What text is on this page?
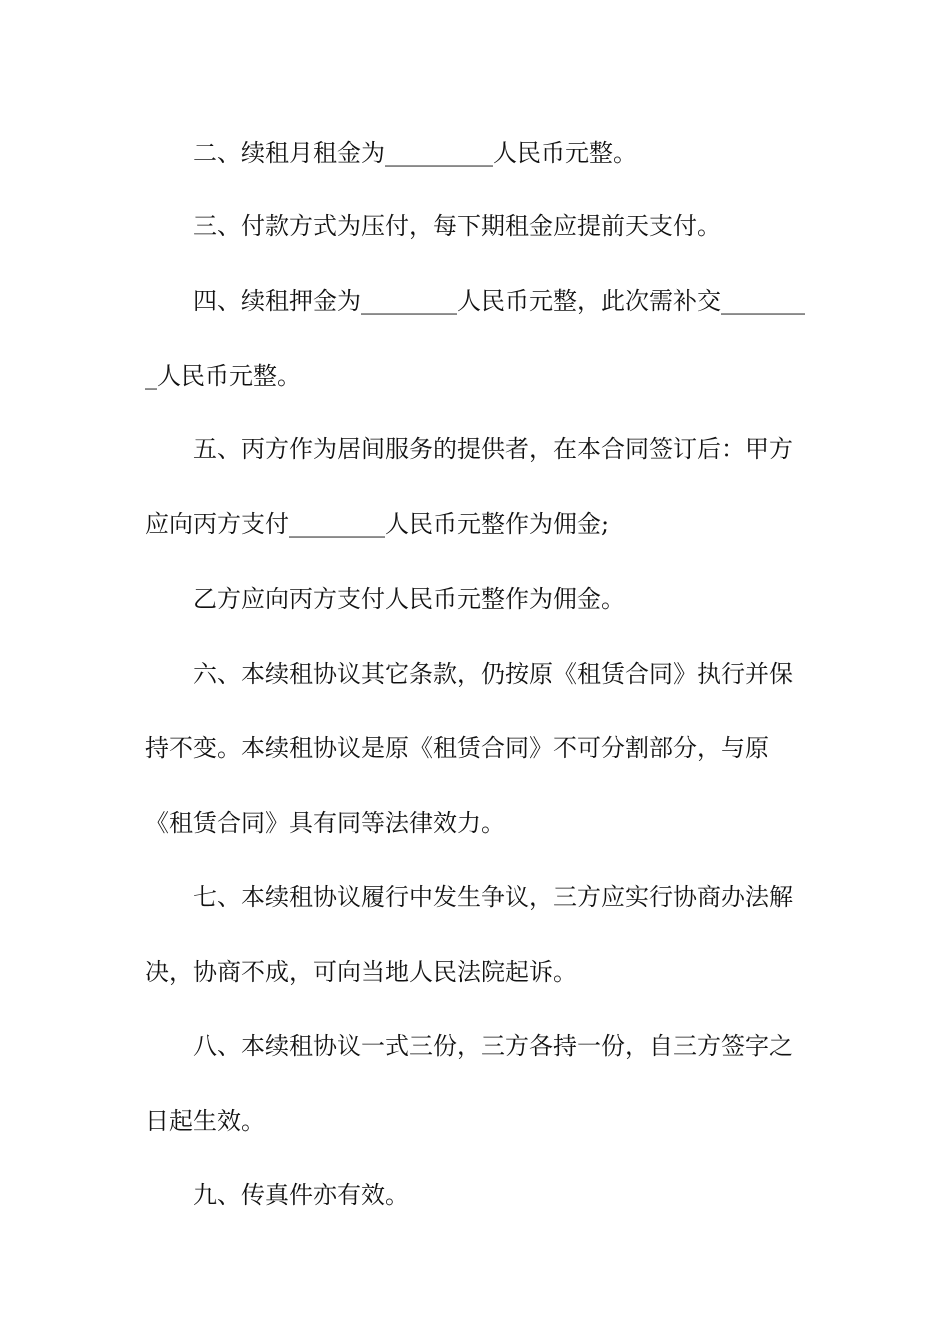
二、续租月租金为_________人民币元整。
三、付款方式为压付，每下期租金应提前天支付。
四、续租押金为________人民币元整，此次需补交_______
_人民币元整。
五、丙方作为居间服务的提供者，在本合同签订后：甲方
应向丙方支付________人民币元整作为佣金;
乙方应向丙方支付人民币元整作为佣金。
六、本续租协议其它条款，仍按原《租赁合同》执行并保
持不变。本续租协议是原《租赁合同》不可分割部分，与原
《租赁合同》具有同等法律效力。
七、本续租协议履行中发生争议，三方应实行协商办法解
决，协商不成，可向当地人民法院起诉。
八、本续租协议一式三份，三方各持一份，自三方签字之
日起生效。
九、传真件亦有效。
